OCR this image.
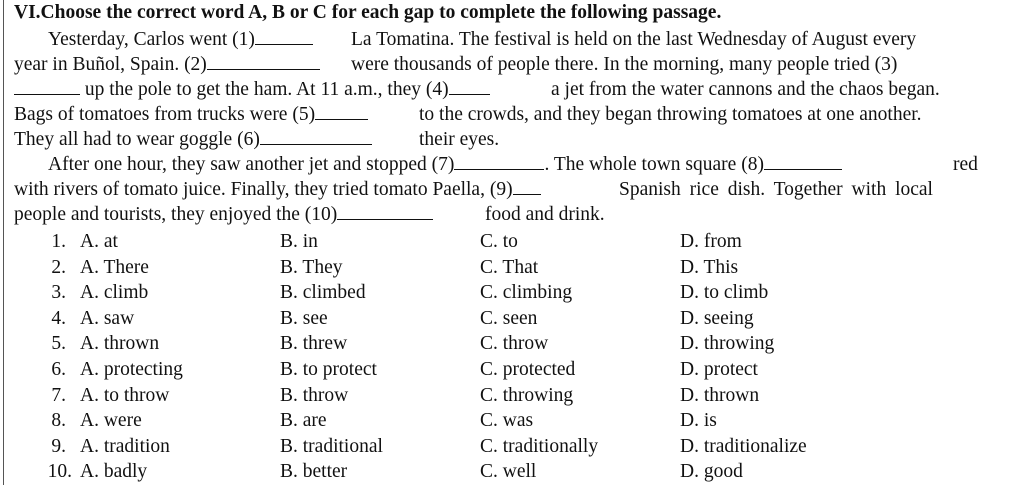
VI.Choose the correct word A, B or C for each gap to complete the following passage.
Yesterday, Carlos went (1)	La Tomatina. The festival is held on the last Wednesday of August every
year in Buñol, Spain. (2)	were thousands of people there. In the morning, many people tried (3)
up the pole to get the ham. At 11 a.m., they (4)	a jet from the water cannons and the chaos began.
Bags of tomatoes from trucks were (5)	to the crowds, and they began throwing tomatoes at one another.
They all had to wear goggle (6)	their eyes.
After one hour, they saw another jet and stopped (7)	. The whole town square (8)	red
with rivers of tomato juice. Finally, they tried tomato Paella, (9)	Spanish rice dish. Together with local
people and tourists, they enjoyed the (10)	food and drink.
1. A. at	B. in	C. to	D. from
2. A. There	B. They	C. That	D. This
3. A. climb	B. climbed	C. climbing	D. to climb
4. A. saw	B. see	C. seen	D. seeing
5. A. thrown	B. threw	C. throw	D. throwing
6. A. protecting	B. to protect	C. protected	D. protect
7. A. to throw	B. throw	C. throwing	D. thrown
8. A. were	B. are	C. was	D. is
9. A. tradition	B. traditional	C. traditionally	D. traditionalize
10. A. badly	B. better	C. well	D. good
